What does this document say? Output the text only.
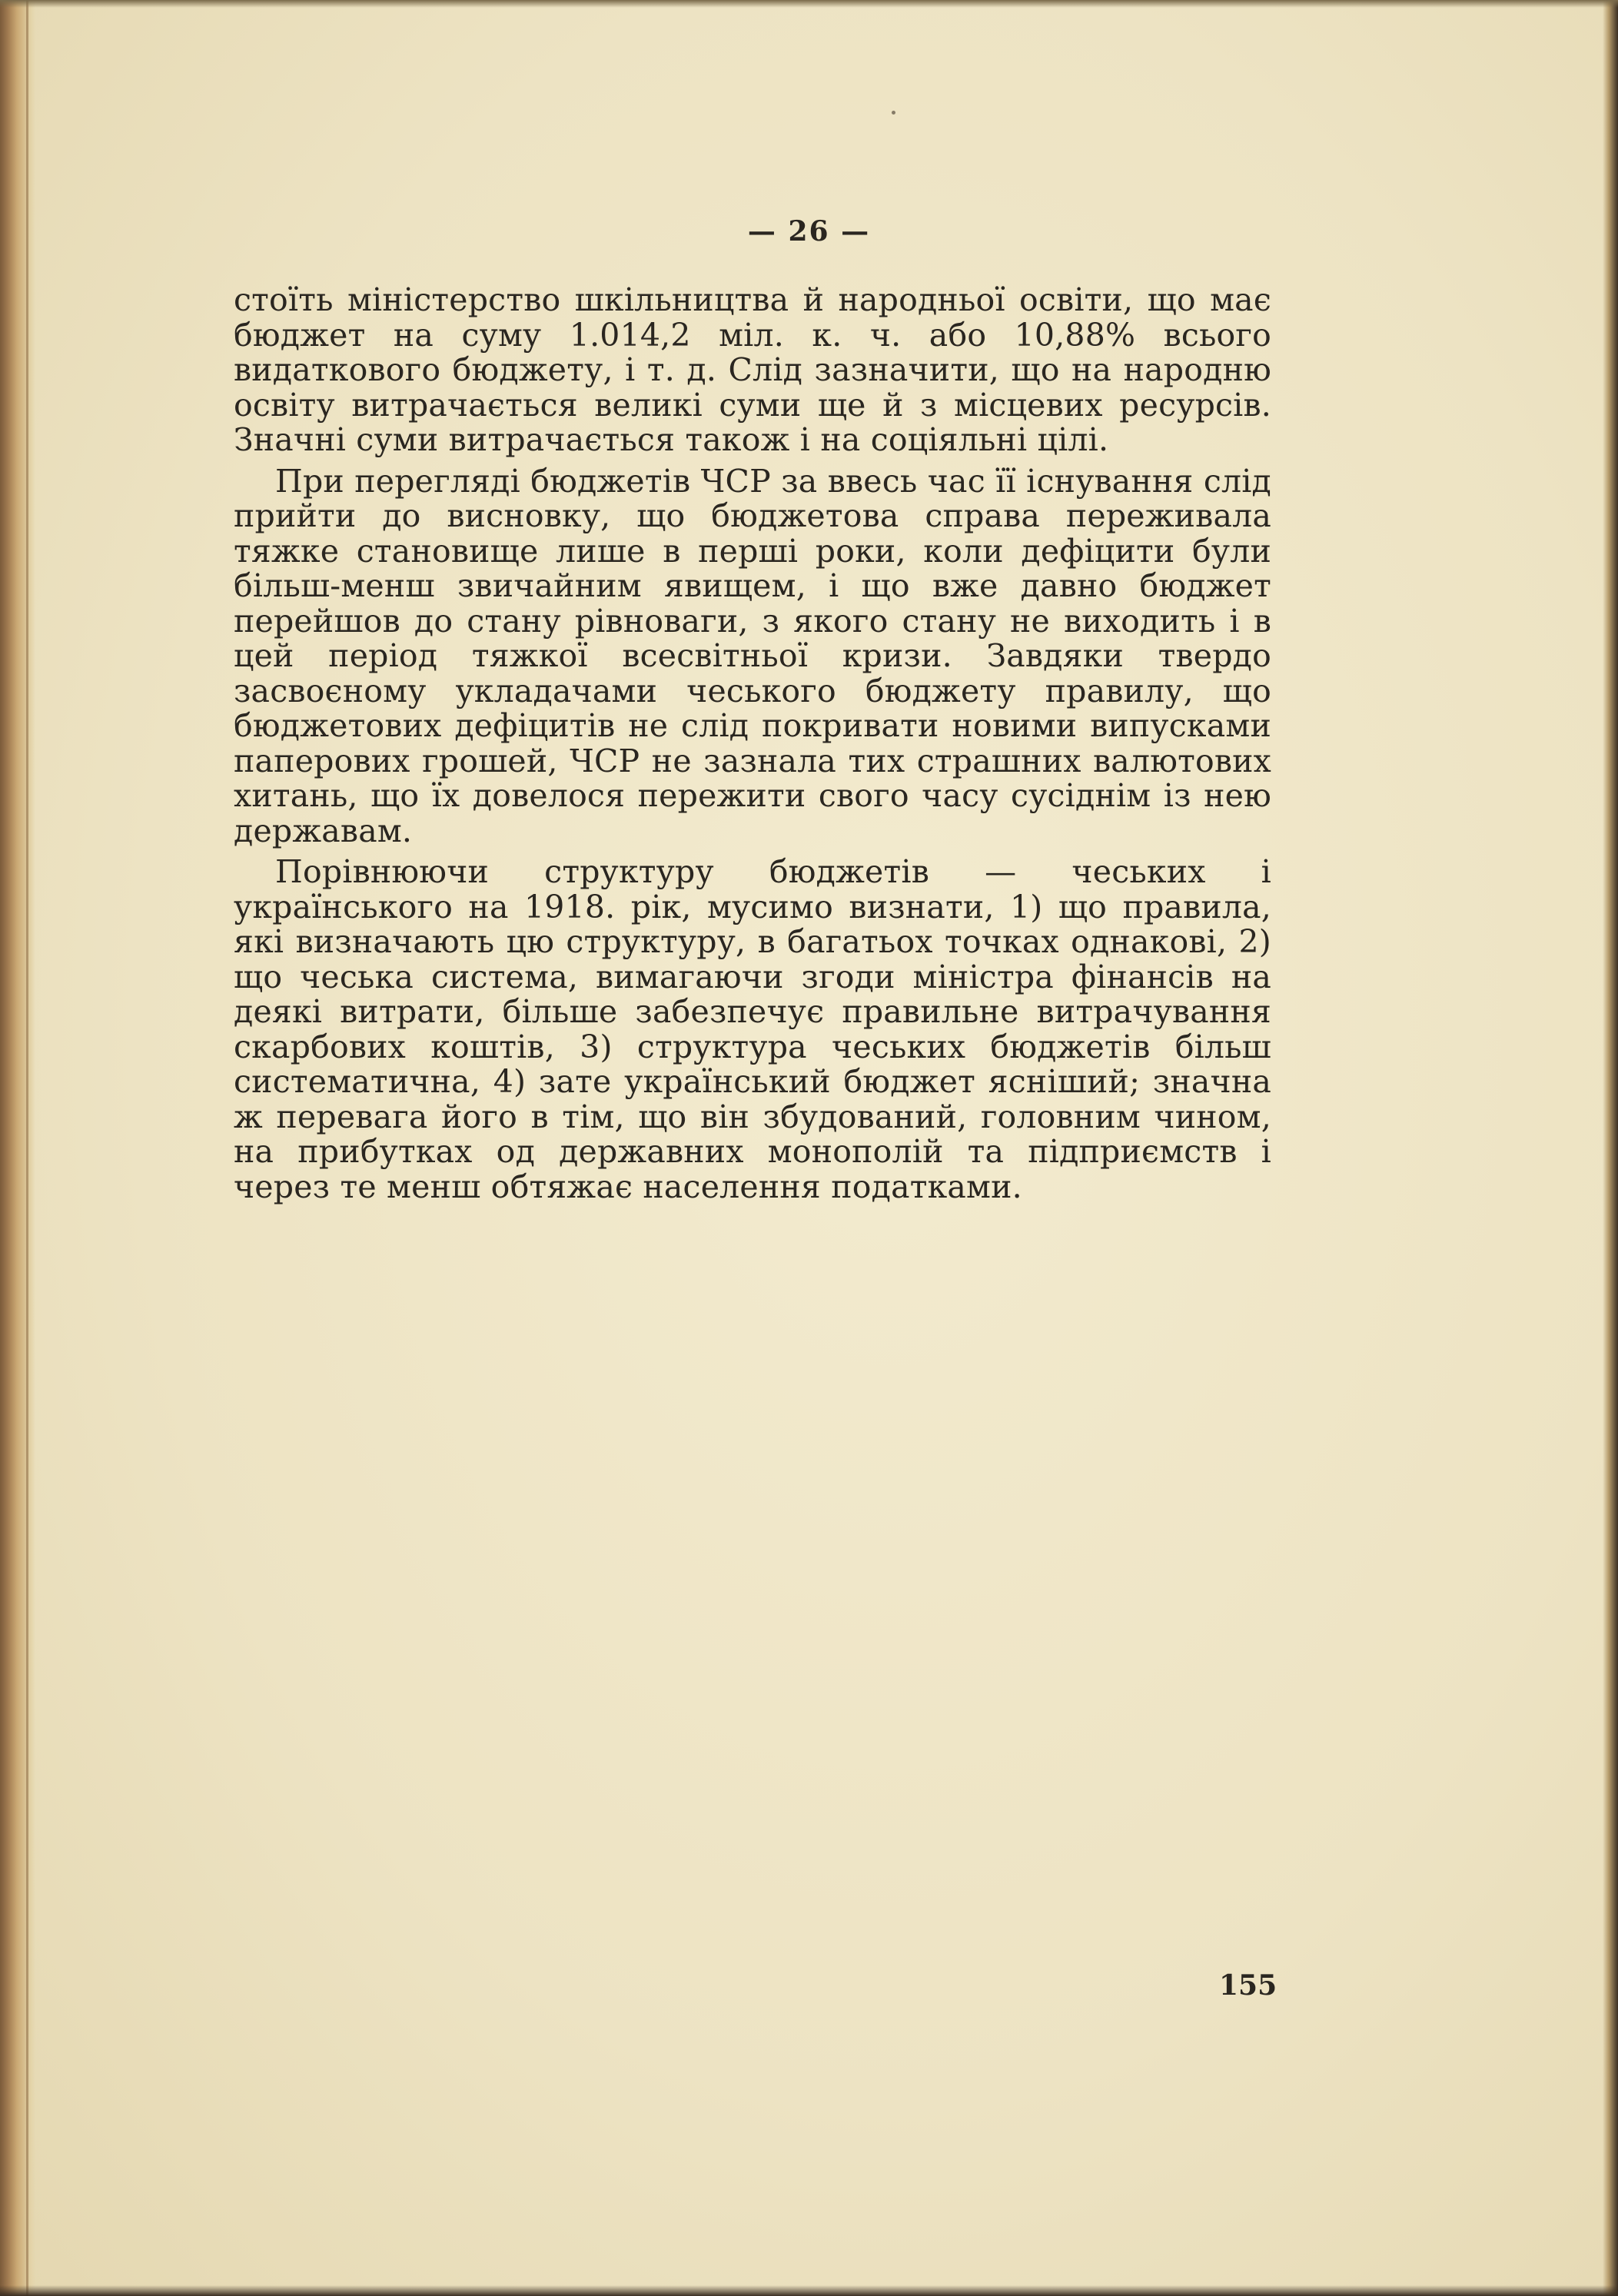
— 26 —

стоїть міністерство шкільництва й народньої освіти, що має бюджет на суму 1.014,2 міл. к. ч. або 10,88% всього видаткового бюджету, і т. д. Слід зазначити, що на народню освіту витрачається великі суми ще й з місцевих ресурсів. Значні суми витрачається також і на соціяльні цілі.

При перегляді бюджетів ЧСР за ввесь час її існування слід прийти до висновку, що бюджетова справа переживала тяжке становище лише в перші роки, коли дефіцити були більш-менш звичайним явищем, і що вже давно бюджет перейшов до стану рівноваги, з якого стану не виходить і в цей період тяжкої всесвітньої кризи. Завдяки твердо засвоєному укладачами чеського бюджету правилу, що бюджетових дефіцитів не слід покривати новими випусками паперових грошей, ЧСР не зазнала тих страшних валютових хитань, що їх довелося пережити свого часу сусіднім із нею державам.

Порівнюючи структуру бюджетів — чеських і українського на 1918. рік, мусимо визнати, 1) що правила, які визначають цю структуру, в багатьох точках однакові, 2) що чеська система, вимагаючи згоди міністра фінансів на деякі витрати, більше забезпечує правильне витрачування скарбових коштів, 3) структура чеських бюджетів більш систематична, 4) зате український бюджет ясніший; значна ж перевага його в тім, що він збудований, головним чином, на прибутках од державних монополій та підприємств і через те менш обтяжає населення податками.

155
